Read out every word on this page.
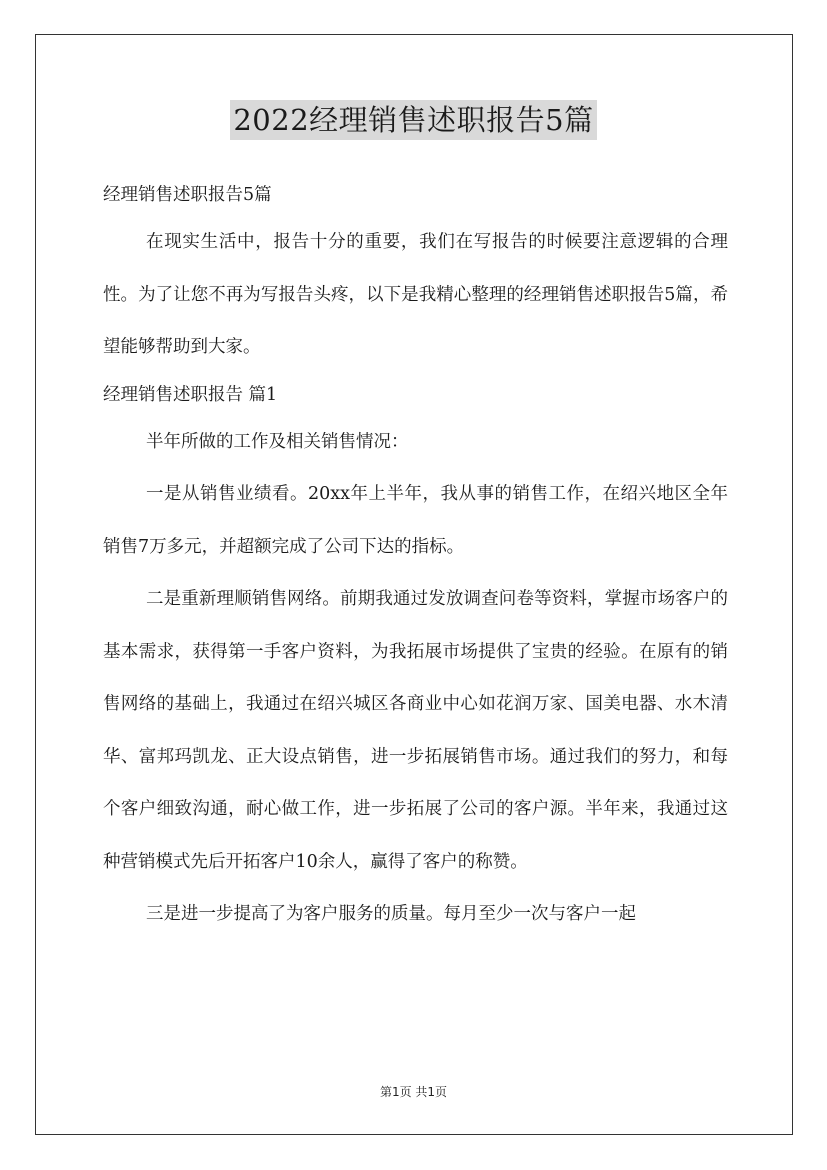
2022经理销售述职报告5篇

经理销售述职报告5篇

在现实生活中，报告十分的重要，我们在写报告的时候要注意逻辑的合理性。为了让您不再为写报告头疼，以下是我精心整理的经理销售述职报告5篇，希望能够帮助到大家。

经理销售述职报告 篇1

半年所做的工作及相关销售情况：

一是从销售业绩看。20xx年上半年，我从事的销售工作，在绍兴地区全年销售7万多元，并超额完成了公司下达的指标。

二是重新理顺销售网络。前期我通过发放调查问卷等资料，掌握市场客户的基本需求，获得第一手客户资料，为我拓展市场提供了宝贵的经验。在原有的销售网络的基础上，我通过在绍兴城区各商业中心如花润万家、国美电器、水木清华、富邦玛凯龙、正大设点销售，进一步拓展销售市场。通过我们的努力，和每个客户细致沟通，耐心做工作，进一步拓展了公司的客户源。半年来，我通过这种营销模式先后开拓客户10余人，赢得了客户的称赞。

三是进一步提高了为客户服务的质量。每月至少一次与客户一起

第1页 共1页
